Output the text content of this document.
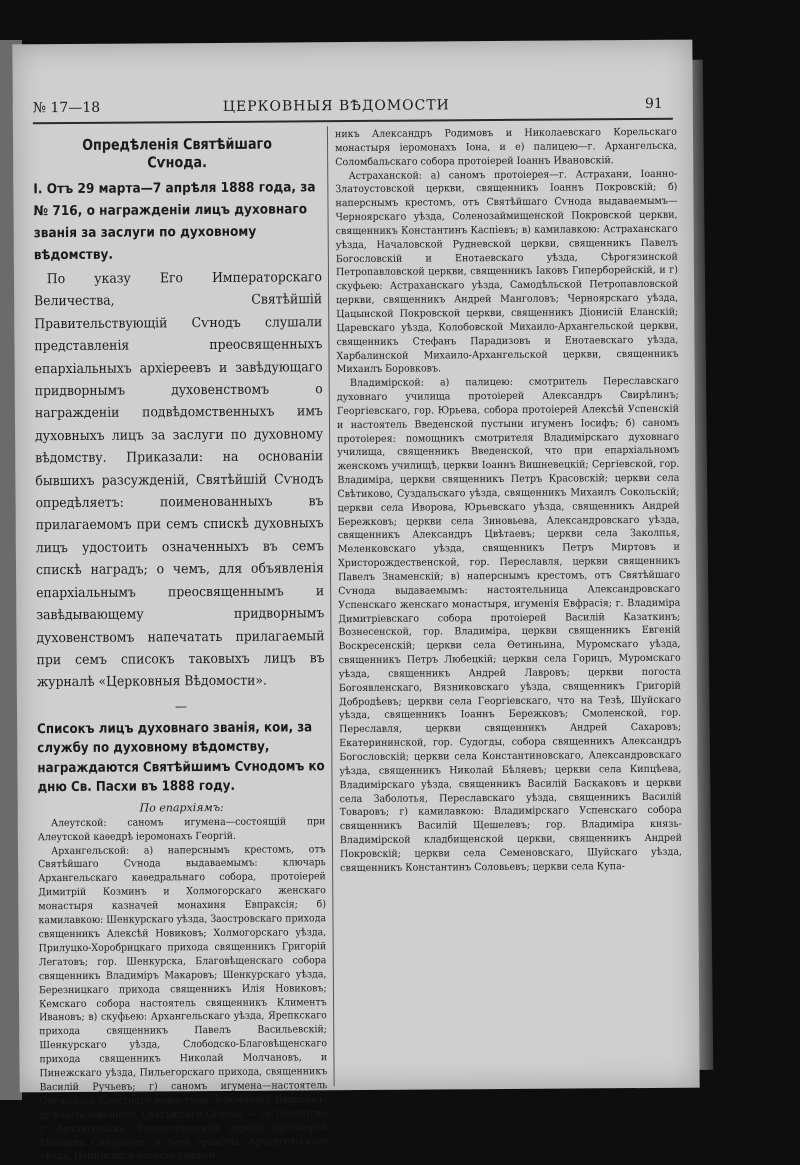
№ 17—18	ЦЕРКОВНЫЯ ВѢДОМОСТИ	91
Опредѣленія Святѣйшаго Сѵнода.
I. Отъ 29 марта—7 апрѣля 1888 года, за № 716, о награжденіи лицъ духовнаго званія за заслуги по духовному вѣдомству.
По указу Его Императорскаго Величества, Святѣйшій Правительствующій Сѵнодъ слушали представленія преосвященныхъ епархіальныхъ архіереевъ и завѣдующаго придворнымъ духовенствомъ о награжденіи подвѣдомственныхъ имъ духовныхъ лицъ за заслуги по духовному вѣдомству. Приказали: на основаніи бывшихъ разсужденій, Святѣйшій Сѵнодъ опредѣляетъ: поименованныхъ въ прилагаемомъ при семъ спискѣ духовныхъ лицъ удостоить означенныхъ въ семъ спискѣ наградъ; о чемъ, для объявленія епархіальнымъ преосвященнымъ и завѣдывающему придворнымъ духовенствомъ напечатать прилагаемый при семъ списокъ таковыхъ лицъ въ журналѣ «Церковныя Вѣдомости».
—
Списокъ лицъ духовнаго званія, кои, за службу по духовному вѣдомству, награждаются Святѣйшимъ Сѵнодомъ ко дню Св. Пасхи въ 1888 году.
По епархіямъ:

Алеутской: саномъ игумена—состоящій при Алеутской каѳедрѣ іеромонахъ Георгій.

Архангельской: а) наперснымъ крестомъ, отъ Святѣйшаго Сѵнода выдаваемымъ: ключарь Архангельскаго каѳедральнаго собора, протоіерей Димитрій Козминъ и Холмогорскаго женскаго монастыря казначей монахиня Евпраксія; б) камилавкою: Шенкурскаго уѣзда, Заостровскаго прихода священникъ Алексѣй Новиковъ; Холмогорскаго уѣзда, Прилуцко-Хоробрицкаго прихода священникъ Григорій Легатовъ; гор. Шенкурска, Благовѣщенскаго собора священникъ Владиміръ Макаровъ; Шенкурскаго уѣзда, Березницкаго прихода священникъ Илія Новиковъ; Кемскаго собора настоятель священникъ Климентъ Ивановъ; в) скуфьею: Архангельскаго уѣзда, Ярепкскаго прихода священникъ Павелъ Васильевскій; Шенкурскаго уѣзда, Слободско-Благовѣщенскаго прихода священникъ Николай Молчановъ, и Пинежскаго уѣзда, Пильегорскаго прихода, священникъ Василій Ручьевъ; г) саномъ игумена—настоятель Онежскаго Крестнаго монастыря, іеромонахъ Варлаамъ; д) благословеніемъ Святѣйшаго Сѵнода — съ грамотою: г. Архангельска, Рождественской церкви протоіерей Михаилъ Сибирцевъ, и безъ грамоты: Архангельскаго уѣзда, Непинскаго погоста священ-

никъ Александръ Родимовъ и Николаевскаго Корельскаго монастыря іеромонахъ Іона, и е) палицею—г. Архангельска, Соломбальскаго собора протоіерей Іоаннъ Ивановскій.

Астраханской: а) саномъ протоіерея—г. Астрахани, Іоанно-Златоустовской церкви, священникъ Іоаннъ Покровскій; б) наперснымъ крестомъ, отъ Святѣйшаго Сѵнода выдаваемымъ—Черноярскаго уѣзда, Соленозаймищенской Покровской церкви, священникъ Константинъ Каспіевъ; в) камилавкою: Астраханскаго уѣзда, Началовской Рудневской церкви, священникъ Павелъ Богословскій и Енотаевскаго уѣзда, Сѣрогязинской Петропавловской церкви, священникъ Іаковъ Гиперборейскій, и г) скуфьею: Астраханскаго уѣзда, Самодѣльской Петропавловской церкви, священникъ Андрей Манголовъ; Черноярскаго уѣзда, Цацынской Покровской церкви, священникъ Діонисій Еланскій; Царевскаго уѣзда, Колобовской Михаило-Архангельской церкви, священникъ Стефанъ Парадизовъ и Енотаевскаго уѣзда, Харбалинской Михаило-Архангельской церкви, священникъ Михаилъ Боровковъ.

Владимірской: а) палицею: смотритель Переславскаго духовнаго училища протоіерей Александръ Свирѣлинъ; Георгіевскаго, гор. Юрьева, собора протоіерей Алексѣй Успенскій и настоятель Введенской пустыни игуменъ Іосифъ; б) саномъ протоіерея: помощникъ смотрителя Владимірскаго духовнаго училища, священникъ Введенской, что при епархіальномъ женскомъ училищѣ, церкви Іоаннъ Вишневецкій; Сергіевской, гор. Владиміра, церкви священникъ Петръ Красовскій; церкви села Свѣтиково, Суздальскаго уѣзда, священникъ Михаилъ Сокольскій; церкви села Иворова, Юрьевскаго уѣзда, священникъ Андрей Бережковъ; церкви села Зиновьева, Александровскаго уѣзда, священникъ Александръ Цвѣтаевъ; церкви села Заколпья, Меленковскаго уѣзда, священникъ Петръ Миртовъ и Христорождественской, гор. Переславля, церкви священникъ Павелъ Знаменскій; в) наперснымъ крестомъ, отъ Святѣйшаго Сѵнода выдаваемымъ: настоятельница Александровскаго Успенскаго женскаго монастыря, игуменія Евфрасія; г. Владиміра Димитріевскаго собора протоіерей Василій Казаткинъ; Вознесенской, гор. Владиміра, церкви священникъ Евгеній Воскресенскій; церкви села Ѳетиньина, Муромскаго уѣзда, священникъ Петръ Любецкій; церкви села Горицъ, Муромскаго уѣзда, священникъ Андрей Лавровъ; церкви погоста Богоявленскаго, Вязниковскаго уѣзда, священникъ Григорій Добродѣевъ; церкви села Георгіевскаго, что на Тезѣ, Шуйскаго уѣзда, священникъ Іоаннъ Бережковъ; Смоленской, гор. Переславля, церкви священникъ Андрей Сахаровъ; Екатерининской, гор. Судогды, собора священникъ Александръ Богословскій; церкви села Константиновскаго, Александровскаго уѣзда, священникъ Николай Бѣляевъ; церкви села Кипцѣева, Владимірскаго уѣзда, священникъ Василій Баскаковъ и церкви села Заболотья, Переславскаго уѣзда, священникъ Василій Товаровъ; г) камилавкою: Владимірскаго Успенскаго собора священникъ Василій Щешелевъ; гор. Владиміра князь-Владимірской кладбищенской церкви, священникъ Андрей Покровскій; церкви села Семеновскаго, Шуйскаго уѣзда, священникъ Константинъ Соловьевъ; церкви села Купа-
